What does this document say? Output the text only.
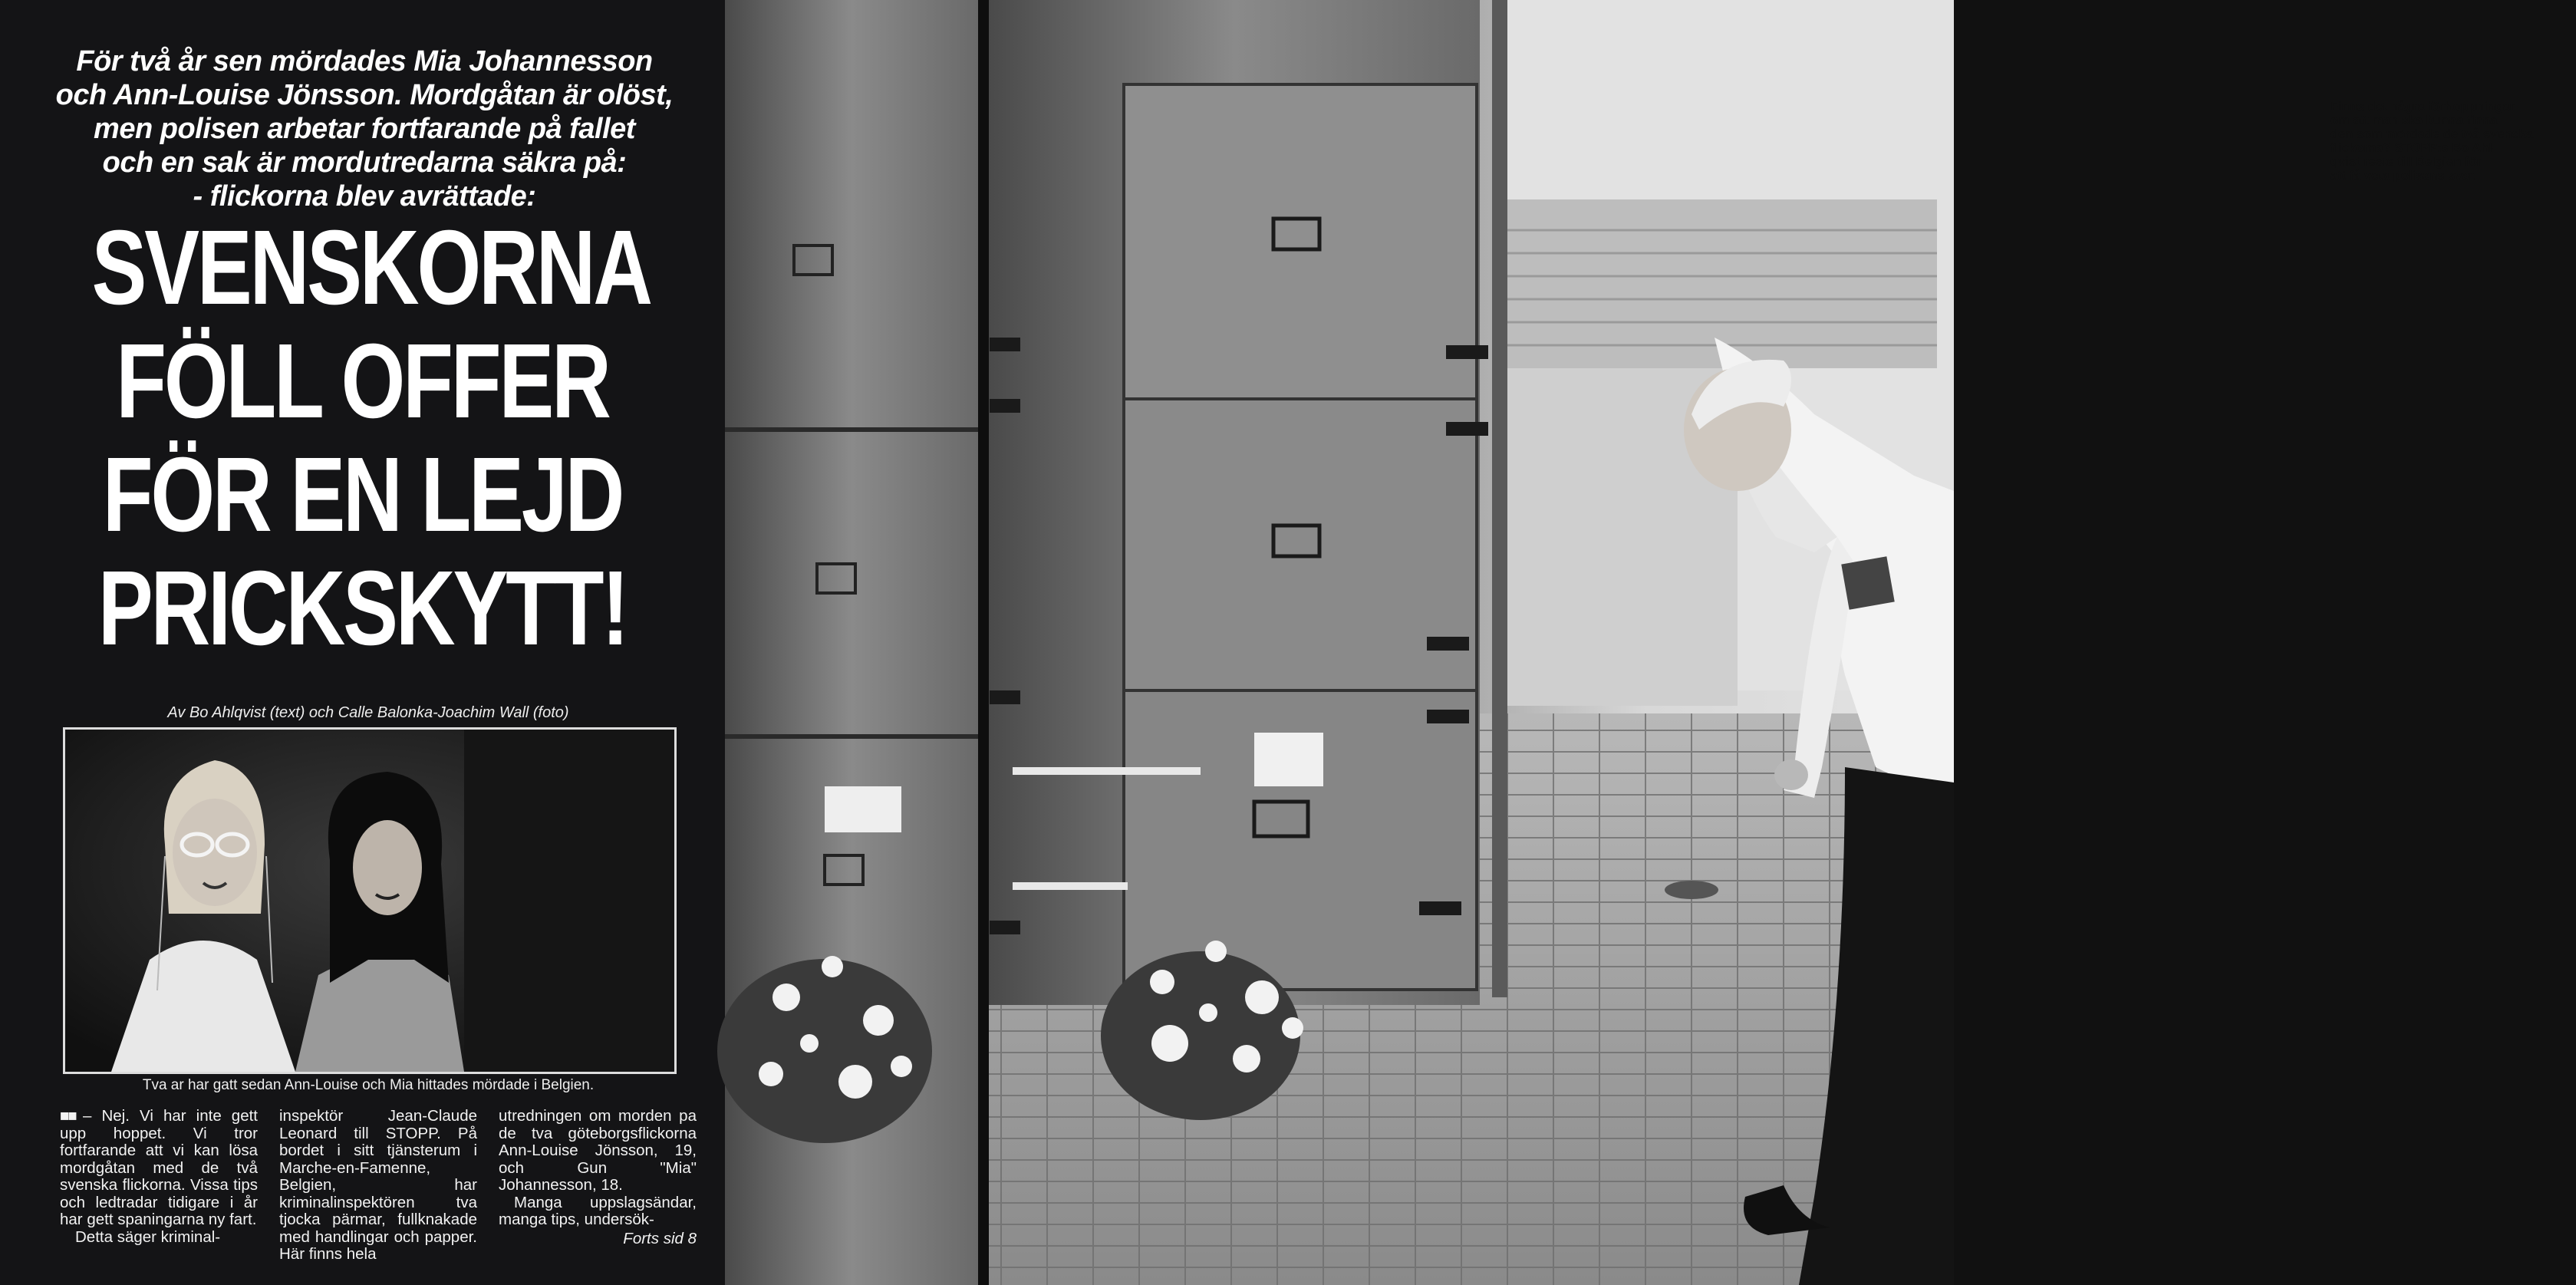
För två år sen mördades Mia Johannesson
och Ann-Louise Jönsson. Mordgåtan är olöst,
men polisen arbetar fortfarande på fallet
och en sak är mordutredarna säkra på:
- flickorna blev avrättade:
SVENSKORNA
FÖLL OFFER
FÖR EN LEJD
PRICKSKYTT!
Av Bo Ahlqvist (text) och Calle Balonka-Joachim Wall (foto)
Tva ar har gatt sedan Ann-Louise och Mia hittades mördade i Belgien.

■■ – Nej. Vi har inte gett upp hoppet. Vi tror fortfarande att vi kan lösa mordgåtan med de två svenska flickorna. Vissa tips och ledtradar tidigare i år har gett spaningarna ny fart.

Detta säger kriminal-

inspektör Jean-Claude Leonard till STOPP. På bordet i sitt tjänsterum i Marche-en-Famenne, Belgien, har kriminalinspektören tva tjocka pärmar, fullknakade med handlingar och papper. Här finns hela

utredningen om morden pa de tva göteborgsflickorna Ann-Louise Jönsson, 19, och Gun "Mia" Johannesson, 18.

Manga uppslagsändar, manga tips, undersök-

Forts sid 8
Finns det några förhoppningar
om att man ska kunna finna
den som mördade de två svenska
flickorna? STOPP:s Bo Ahl-
qvist reste till Belgien för
att få veta polisens svar.
